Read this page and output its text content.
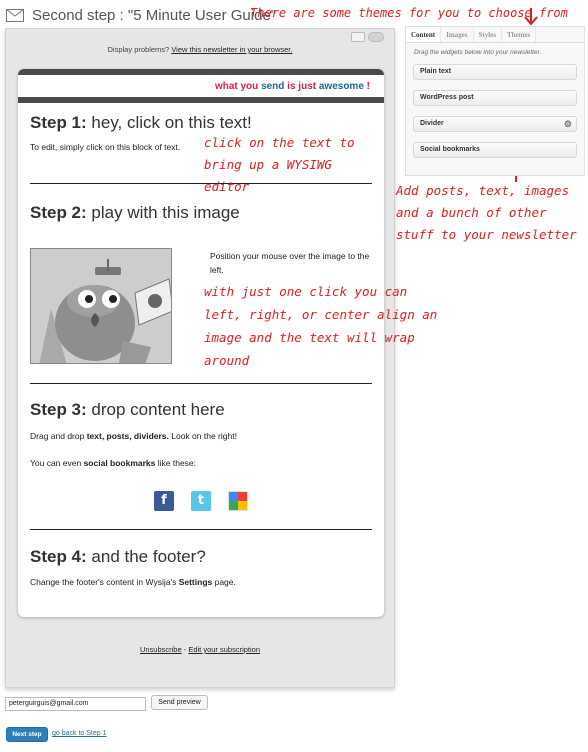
Second step : "5 Minute User Guide"
There are some themes for you to choose from
Display problems? View this newsletter in your browser.
what you send is just awesome !
Step 1: hey, click on this text!
To edit, simply click on this block of text.
Step 2: play with this image
Position your mouse over the image to the left.
Step 3: drop content here
Drag and drop text, posts, dividers. Look on the right!
You can even social bookmarks like these:
f	t
Step 4: and the footer?
Change the footer's content in Wysija's Settings page.
Unsubscribe - Edit your subscription
click on the text to bring up a WYSIWG editor
with just one click you can left, right, or center align an image and the text will wrap around
Add posts, text, images and a bunch of other stuff to your newsletter
Content	Images	Styles	Themes
Drag the widgets below into your newsletter.
Plain text
WordPress post
Divider	⚙
Social bookmarks
peterguirguis@gmail.com	Send preview
Next step	go back to Step 1
